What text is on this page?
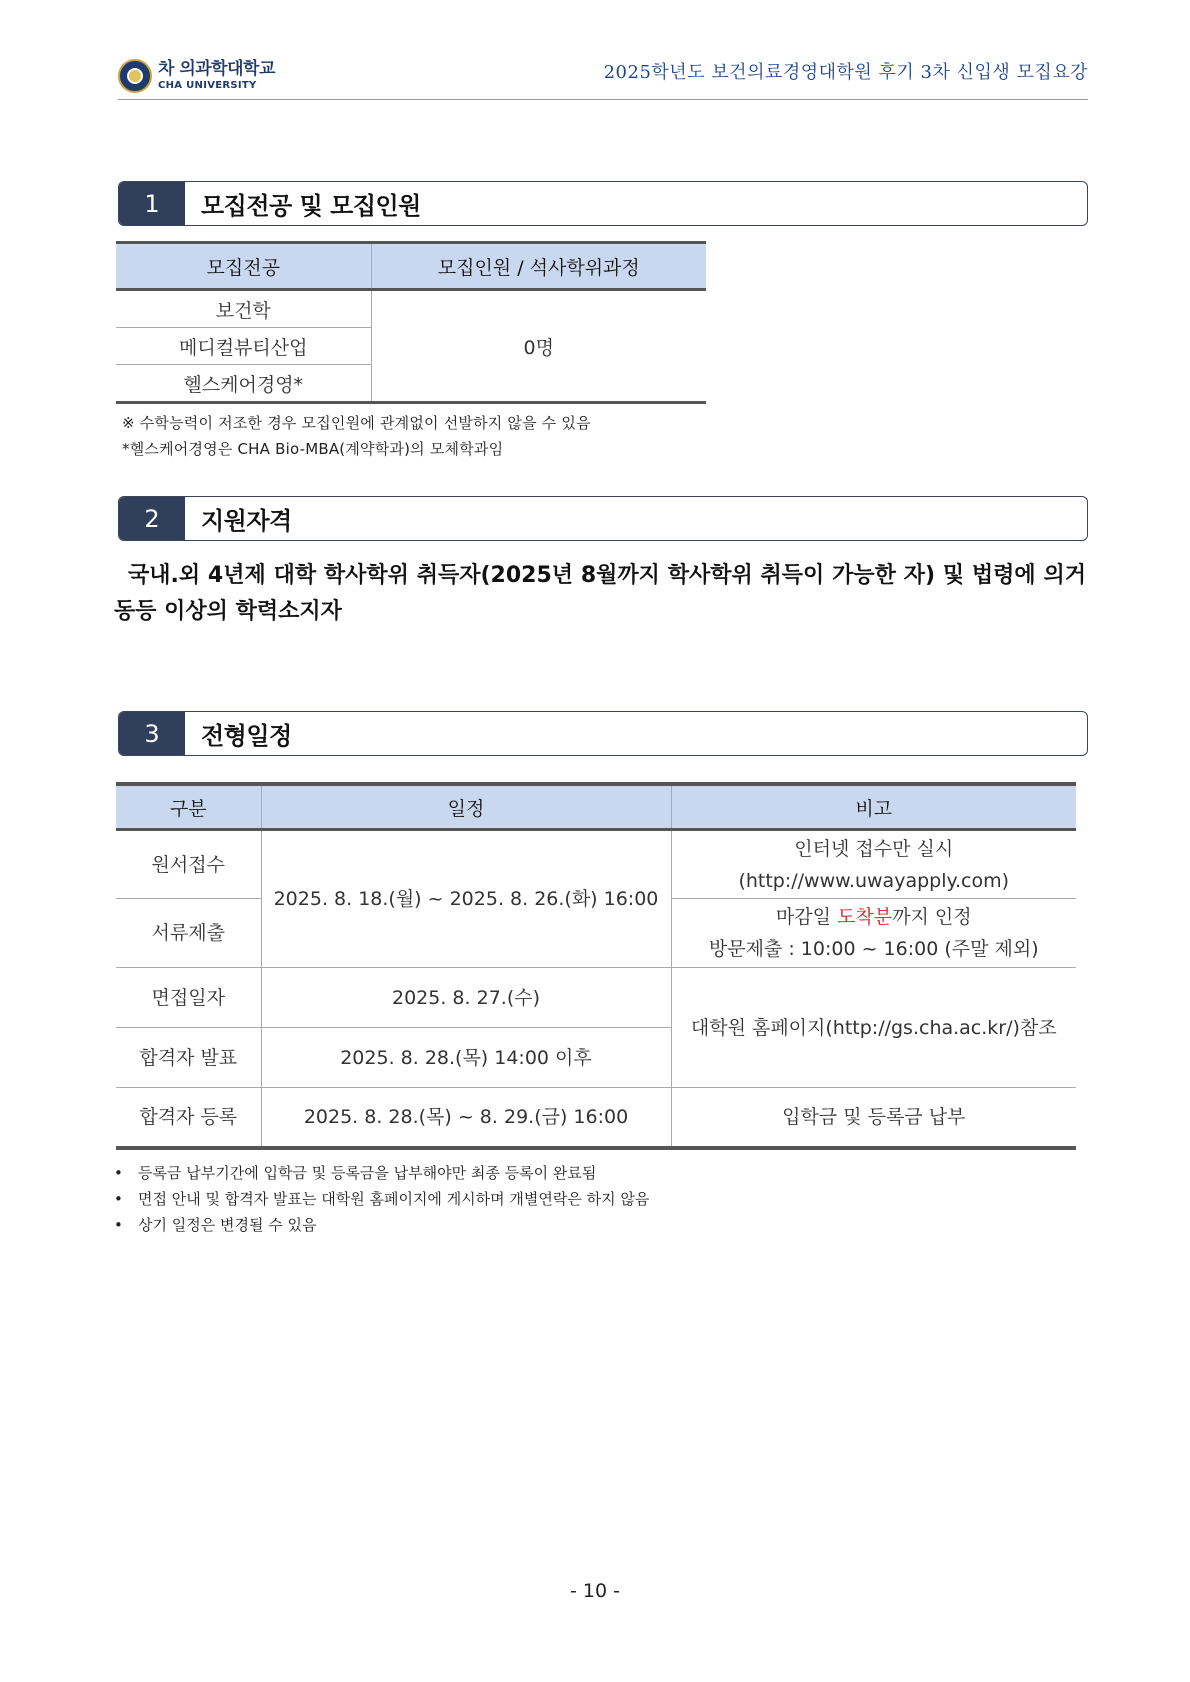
차 의과학대학교
CHA UNIVERSITY
2025학년도 보건의료경영대학원 후기 3차 신입생 모집요강
1	모집전공 및 모집인원
모집전공	모집인원 / 석사학위과정
보건학	0명
메디컬뷰티산업	
헬스케어경영*	
※ 수학능력이 저조한 경우 모집인원에 관계없이 선발하지 않을 수 있음
*헬스케어경영은 CHA Bio-MBA(계약학과)의 모체학과임
2	지원자격
국내.외 4년제 대학 학사학위 취득자(2025년 8월까지 학사학위 취득이 가능한 자) 및 법령에 의거 동등 이상의 학력소지자
3	전형일정
구분	일정	비고
원서접수	2025. 8. 18.(월) ~ 2025. 8. 26.(화) 16:00	인터넷 접수만 실시
(http://www.uwayapply.com)

서류제출		마감일 도착분까지 인정
방문제출 : 10:00 ~ 16:00 (주말 제외)

면접일자	2025. 8. 27.(수)	대학원 홈페이지(http://gs.cha.ac.kr/)참조
합격자 발표	2025. 8. 28.(목) 14:00 이후	
합격자 등록	2025. 8. 28.(목) ~ 8. 29.(금) 16:00	입학금 및 등록금 납부
• 등록금 납부기간에 입학금 및 등록금을 납부해야만 최종 등록이 완료됨
• 면접 안내 및 합격자 발표는 대학원 홈페이지에 게시하며 개별연락은 하지 않음
• 상기 일정은 변경될 수 있음
- 10 -
